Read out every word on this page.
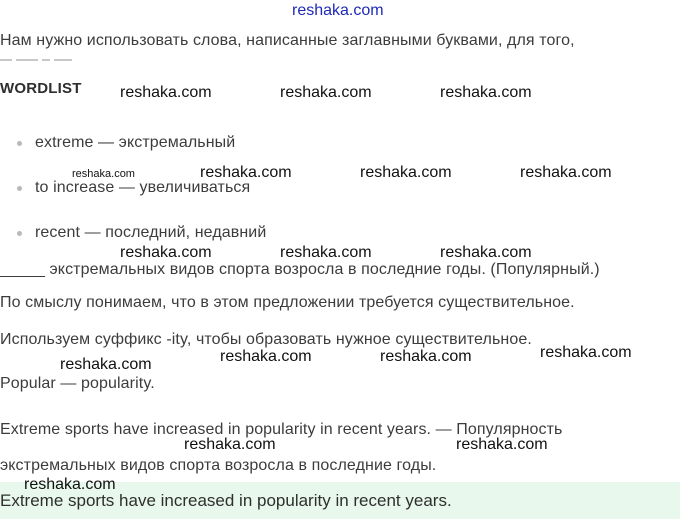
reshaka.com
Нам нужно использовать слова, написанные заглавными буквами, для того,
WORDLIST
extreme — экстремальный
to increase — увеличиваться
recent — последний, недавний
_____ экстремальных видов спорта возросла в последние годы. (Популярный.)
По смыслу понимаем, что в этом предложении требуется существительное.
Используем суффикс -ity, чтобы образовать нужное существительное.
Popular — popularity.
Extreme sports have increased in popularity in recent years. — Популярность
экстремальных видов спорта возросла в последние годы.
Extreme sports have increased in popularity in recent years.
reshaka.com	reshaka.com	reshaka.com
reshaka.com	reshaka.com	reshaka.com	reshaka.com
reshaka.com	reshaka.com	reshaka.com
reshaka.com	reshaka.com	reshaka.com	reshaka.com
reshaka.com	reshaka.com
reshaka.com
